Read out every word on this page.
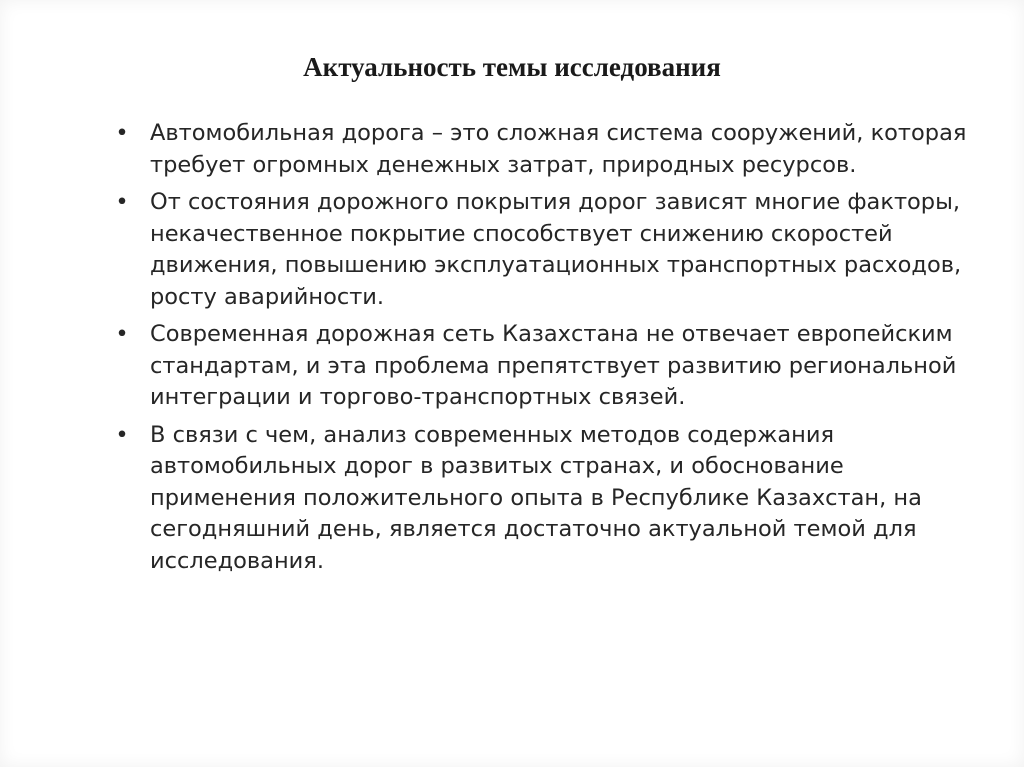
Актуальность темы исследования
• Автомобильная дорога – это сложная система сооружений, которая требует огромных денежных затрат, природных ресурсов.
• От состояния дорожного покрытия дорог зависят многие факторы, некачественное покрытие способствует снижению скоростей движения, повышению эксплуатационных транспортных расходов, росту аварийности.
• Современная дорожная сеть Казахстана не отвечает европейским стандартам, и эта проблема препятствует развитию региональной интеграции и торгово-транспортных связей.
• В связи с чем, анализ современных методов содержания автомобильных дорог в развитых странах, и обоснование применения положительного опыта в Республике Казахстан, на сегодняшний день, является достаточно актуальной темой для исследования.
